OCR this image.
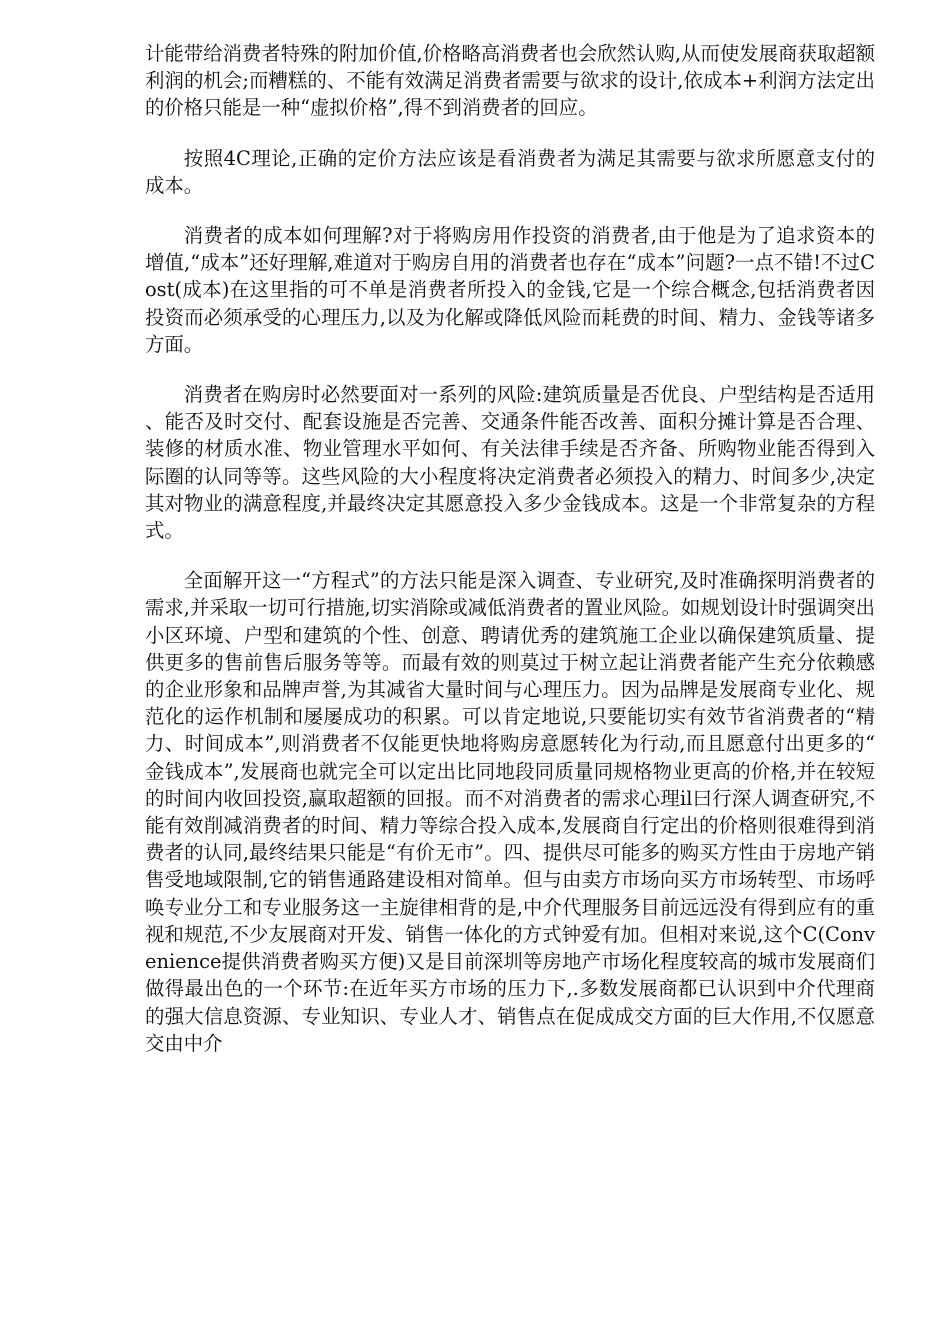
计能带给消费者特殊的附加价值,价格略高消费者也会欣然认购,从而使发展商获取超额利润的机会;而糟糕的、不能有效满足消费者需要与欲求的设计,依成本+利润方法定出的价格只能是一种“虚拟价格”,得不到消费者的回应。

按照4C理论,正确的定价方法应该是看消费者为满足其需要与欲求所愿意支付的成本。

消费者的成本如何理解?对于将购房用作投资的消费者,由于他是为了追求资本的增值,“成本”还好理解,难道对于购房自用的消费者也存在“成本”问题?一点不错!不过Cost(成本)在这里指的可不单是消费者所投入的金钱,它是一个综合概念,包括消费者因投资而必须承受的心理压力,以及为化解或降低风险而耗费的时间、精力、金钱等诸多方面。

消费者在购房时必然要面对一系列的风险:建筑质量是否优良、户型结构是否适用、能否及时交付、配套设施是否完善、交通条件能否改善、面积分摊计算是否合理、装修的材质水准、物业管理水平如何、有关法律手续是否齐备、所购物业能否得到入际圈的认同等等。这些风险的大小程度将决定消费者必须投入的精力、时间多少,决定其对物业的满意程度,并最终决定其愿意投入多少金钱成本。这是一个非常复杂的方程式。

全面解开这一“方程式”的方法只能是深入调查、专业研究,及时准确探明消费者的需求,并采取一切可行措施,切实消除或减低消费者的置业风险。如规划设计时强调突出小区环境、户型和建筑的个性、创意、聘请优秀的建筑施工企业以确保建筑质量、提供更多的售前售后服务等等。而最有效的则莫过于树立起让消费者能产生充分依赖感的企业形象和品牌声誉,为其减省大量时间与心理压力。因为品牌是发展商专业化、规范化的运作机制和屡屡成功的积累。可以肯定地说,只要能切实有效节省消费者的“精力、时间成本”,则消费者不仅能更快地将购房意愿转化为行动,而且愿意付出更多的“金钱成本”,发展商也就完全可以定出比同地段同质量同规格物业更高的价格,并在较短的时间内收回投资,赢取超额的回报。而不对消费者的需求心理il曰行深人调查研究,不能有效削减消费者的时间、精力等综合投入成本,发展商自行定出的价格则很难得到消费者的认同,最终结果只能是“有价无市”。四、提供尽可能多的购买方性由于房地产销售受地域限制,它的销售通路建设相对简单。但与由卖方市场向买方市场转型、市场呼唤专业分工和专业服务这一主旋律相背的是,中介代理服务目前远远没有得到应有的重视和规范,不少友展商对开发、销售一体化的方式钟爱有加。但相对来说,这个C(Convenience提供消费者购买方便)又是目前深圳等房地产市场化程度较高的城市发展商们做得最出色的一个环节:在近年买方市场的压力下,.多数发展商都已认识到中介代理商的强大信息资源、专业知识、专业人才、销售点在促成成交方面的巨大作用,不仅愿意交由中介
